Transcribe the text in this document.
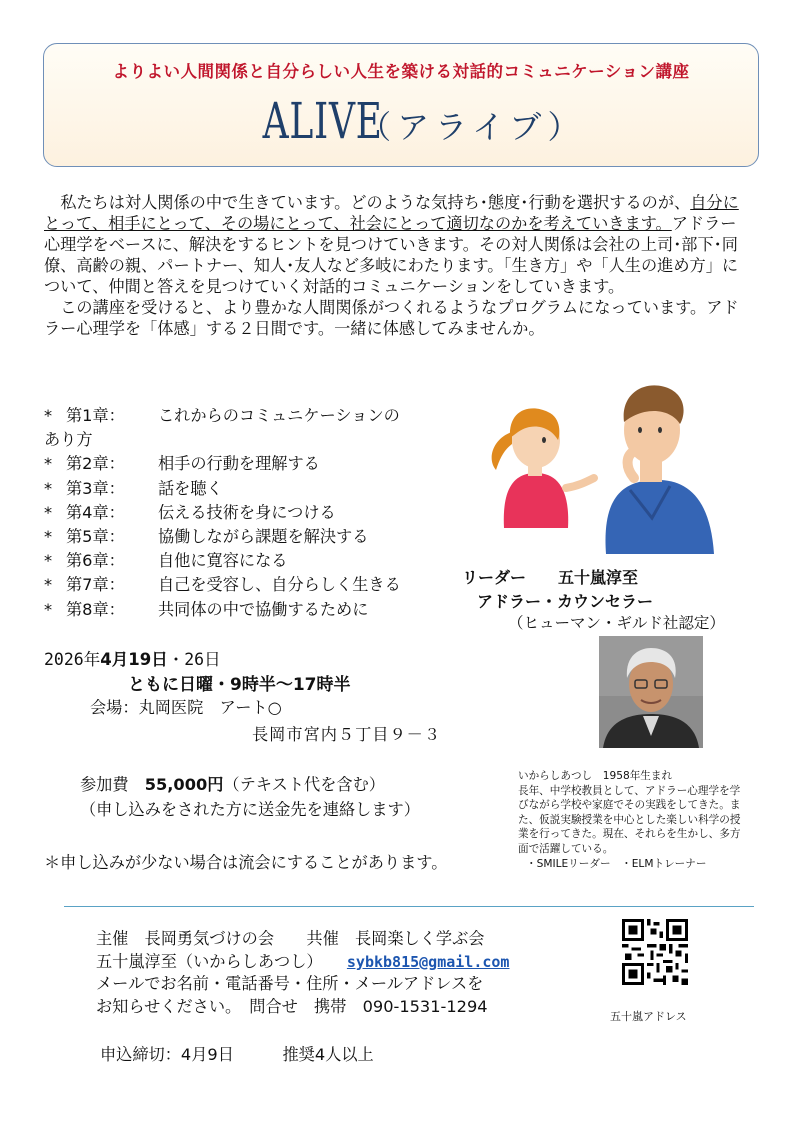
よりよい人間関係と自分らしい人生を築ける対話的コミュニケーション講座
ALIVE（アライブ）

私たちは対人関係の中で生きています。どのような気持ち･態度･行動を選択するのが、自分にとって、相手にとって、その場にとって、社会にとって適切なのかを考えていきます。アドラー心理学をベースに、解決をするヒントを見つけていきます。その対人関係は会社の上司･部下･同僚、高齢の親、パートナー、知人･友人など多岐にわたります。「生き方」や「人生の進め方」について、仲間と答えを見つけていく対話的コミュニケーションをしていきます。

この講座を受けると、より豊かな人間関係がつくれるようなプログラムになっています。アドラー心理学を「体感」する２日間です。一緒に体感してみませんか。

* 第1章：	これからのコミュニケーションの
あり方
* 第2章：	相手の行動を理解する
* 第3章：	話を聴く
* 第4章：	伝える技術を身につける
* 第5章：	協働しながら課題を解決する
* 第6章：	自他に寛容になる
* 第7章：	自己を受容し、自分らしく生きる
* 第8章：	共同体の中で協働するために
リーダー　　 五十嵐淳至
アドラー・カウンセラー
（ヒューマン・ギルド社認定）
2026年4月19日・26日
ともに日曜・9時半～17時半
会場：丸岡医院　アート○
長岡市宮内５丁目９－３
参加費　55,000円（テキスト代を含む）
（申し込みをされた方に送金先を連絡します）
＊申し込みが少ない場合は流会にすることがあります。

いからしあつし　1958年生まれ

長年、中学校教員として、アドラー心理学を学びながら学校や家庭でその実践をしてきた。また、仮説実験授業を中心とした楽しい科学の授業を行ってきた。現在、それらを生かし、多方面で活躍している。

・SMILEリーダー　・ELMトレーナー

主催　長岡勇気づけの会　　共催　長岡楽しく学ぶ会
五十嵐淳至（いからしあつし）　　 sybkb815@gmail.com
メールでお名前・電話番号・住所・メールアドレスを
お知らせください。　問合せ　携帯　090-1531-1294
五十嵐アドレス
申込締切：4月9日　　　	推奨4人以上
